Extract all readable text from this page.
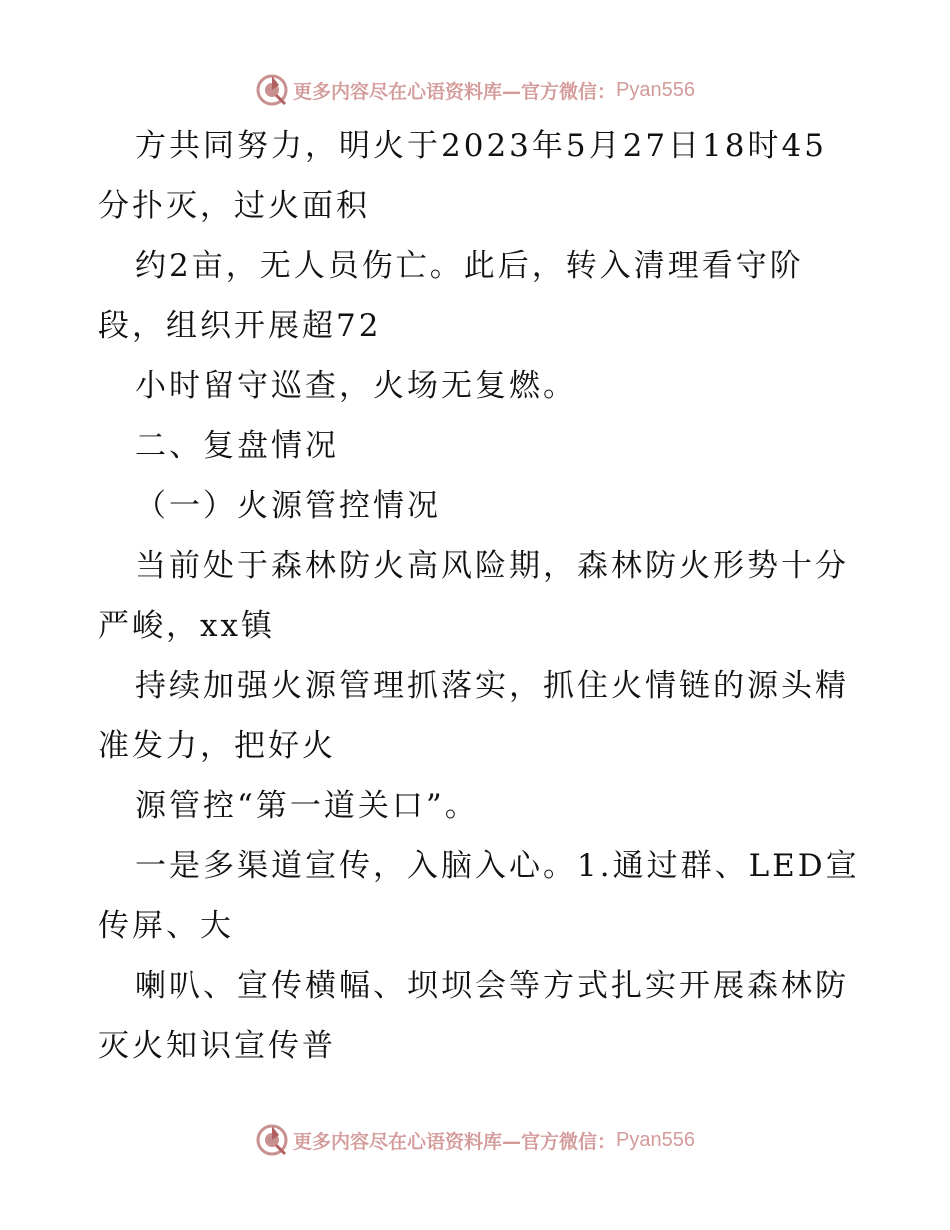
更多内容尽在心语资料库—官方微信： Pyan556
方共同努力，明火于2023年5月27日18时45
分扑灭，过火面积
约2亩，无人员伤亡。此后，转入清理看守阶
段，组织开展超72
小时留守巡查，火场无复燃。
二、复盘情况
（一）火源管控情况
当前处于森林防火高风险期，森林防火形势十分
严峻，xx镇
持续加强火源管理抓落实，抓住火情链的源头精
准发力，把好火
源管控“第一道关口”。
一是多渠道宣传，入脑入心。1.通过群、LED宣
传屏、大
喇叭、宣传横幅、坝坝会等方式扎实开展森林防
灭火知识宣传普
更多内容尽在心语资料库—官方微信： Pyan556
